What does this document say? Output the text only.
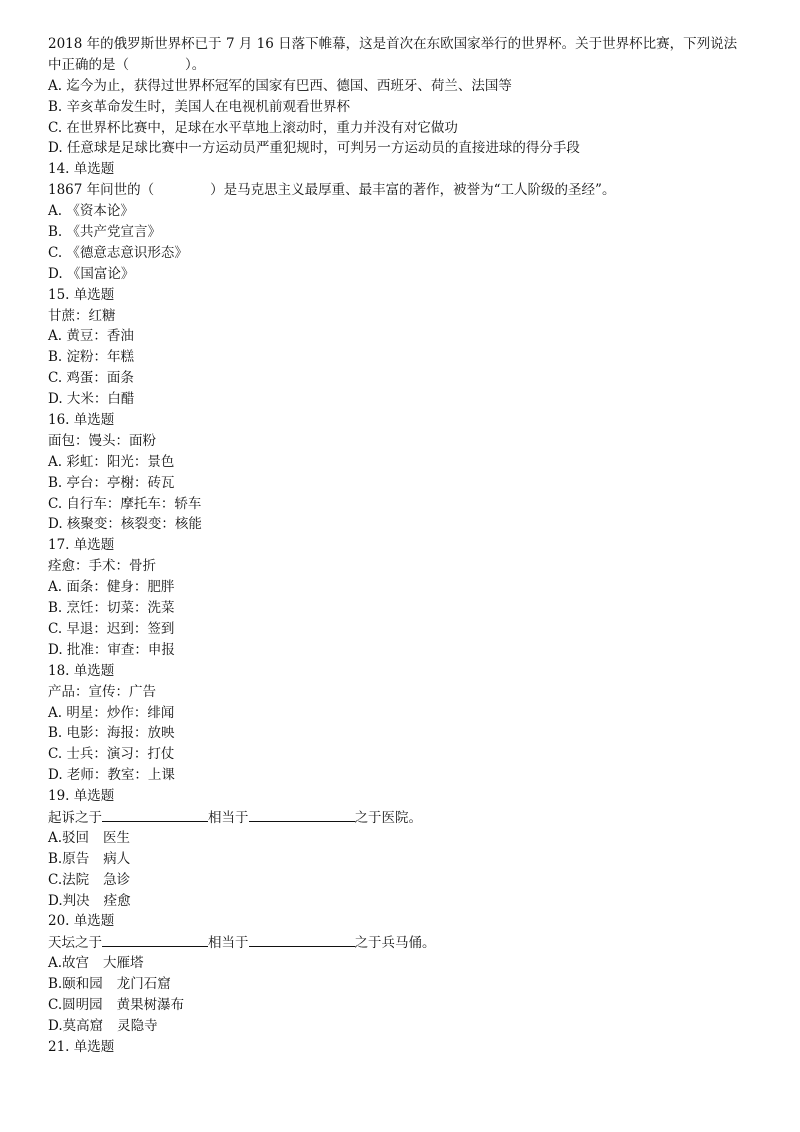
2018 年的俄罗斯世界杯已于 7 月 16 日落下帷幕，这是首次在东欧国家举行的世界杯。关于世界杯比赛，下列说法
中正确的是（	）。
A. 迄今为止，获得过世界杯冠军的国家有巴西、德国、西班牙、荷兰、法国等
B. 辛亥革命发生时，美国人在电视机前观看世界杯
C. 在世界杯比赛中，足球在水平草地上滚动时，重力并没有对它做功
D. 任意球是足球比赛中一方运动员严重犯规时，可判另一方运动员的直接进球的得分手段
14. 单选题
1867 年问世的（	）是马克思主义最厚重、最丰富的著作，被誉为“工人阶级的圣经”。
A. 《资本论》
B. 《共产党宣言》
C. 《德意志意识形态》
D. 《国富论》
15. 单选题
甘蔗：红糖
A. 黄豆：香油
B. 淀粉：年糕
C. 鸡蛋：面条
D. 大米：白醋
16. 单选题
面包：馒头：面粉
A. 彩虹：阳光：景色
B. 亭台：亭榭：砖瓦
C. 自行车：摩托车：轿车
D. 核聚变：核裂变：核能
17. 单选题
痊愈：手术：骨折
A. 面条：健身：肥胖
B. 烹饪：切菜：洗菜
C. 早退：迟到：签到
D. 批准：审查：申报
18. 单选题
产品：宣传：广告
A. 明星：炒作：绯闻
B. 电影：海报：放映
C. 士兵：演习：打仗
D. 老师：教室：上课
19. 单选题
起诉之于	相当于	之于医院。
A.驳回 医生
B.原告 病人
C.法院 急诊
D.判决 痊愈
20. 单选题
天坛之于	相当于	之于兵马俑。
A.故宫 大雁塔
B.颐和园 龙门石窟
C.圆明园 黄果树瀑布
D.莫高窟 灵隐寺
21. 单选题
